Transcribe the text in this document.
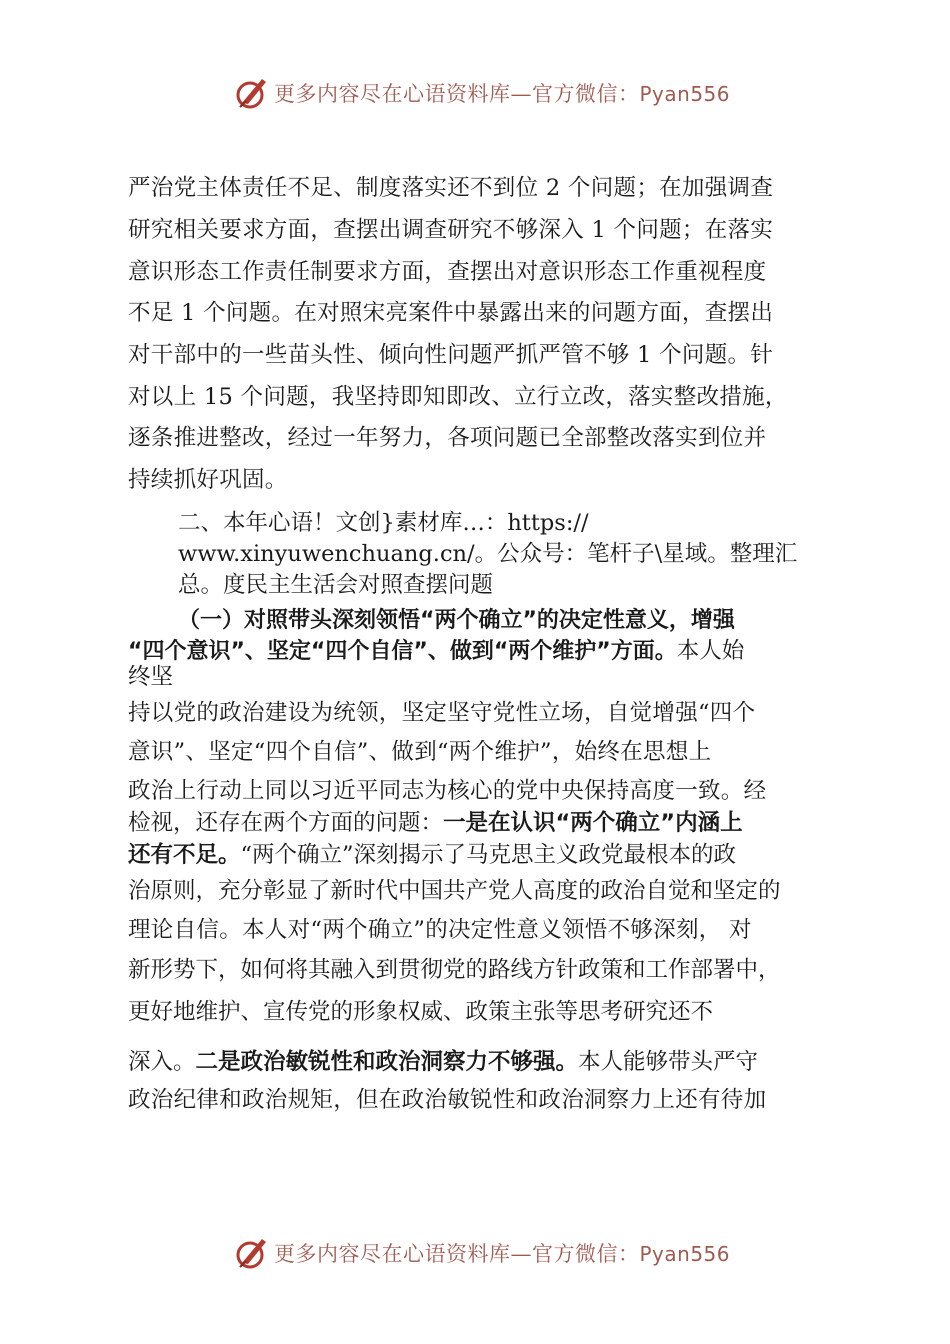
更多内容尽在心语资料库—官方微信：Pyan556
严治党主体责任不足、制度落实还不到位 2 个问题；在加强调查
研究相关要求方面，查摆出调查研究不够深入 1 个问题；在落实
意识形态工作责任制要求方面，查摆出对意识形态工作重视程度
不足 1 个问题。在对照宋亮案件中暴露出来的问题方面，查摆出
对干部中的一些苗头性、倾向性问题严抓严管不够 1 个问题。针
对以上 15 个问题，我坚持即知即改、立行立改，落实整改措施，
逐条推进整改，经过一年努力，各项问题已全部整改落实到位并
持续抓好巩固。
二、本年心语！文创}素材库…：https://
www.xinyuwenchuang.cn/。公众号：笔杆子\星域。整理汇
总。度民主生活会对照查摆问题
（一）对照带头深刻领悟“两个确立”的决定性意义，增强
“四个意识”、坚定“四个自信”、做到“两个维护”方面。本人始
终坚
持以党的政治建设为统领，坚定坚守党性立场，自觉增强“四个
意识”、坚定“四个自信”、做到“两个维护”，始终在思想上
政治上行动上同以习近平同志为核心的党中央保持高度一致。经
检视，还存在两个方面的问题：一是在认识“两个确立”内涵上
还有不足。“两个确立”深刻揭示了马克思主义政党最根本的政
治原则，充分彰显了新时代中国共产党人高度的政治自觉和坚定的
理论自信。本人对“两个确立”的决定性意义领悟不够深刻， 对
新形势下，如何将其融入到贯彻党的路线方针政策和工作部署中，
更好地维护、宣传党的形象权威、政策主张等思考研究还不
深入。二是政治敏锐性和政治洞察力不够强。本人能够带头严守
政治纪律和政治规矩，但在政治敏锐性和政治洞察力上还有待加
更多内容尽在心语资料库—官方微信：Pyan556
